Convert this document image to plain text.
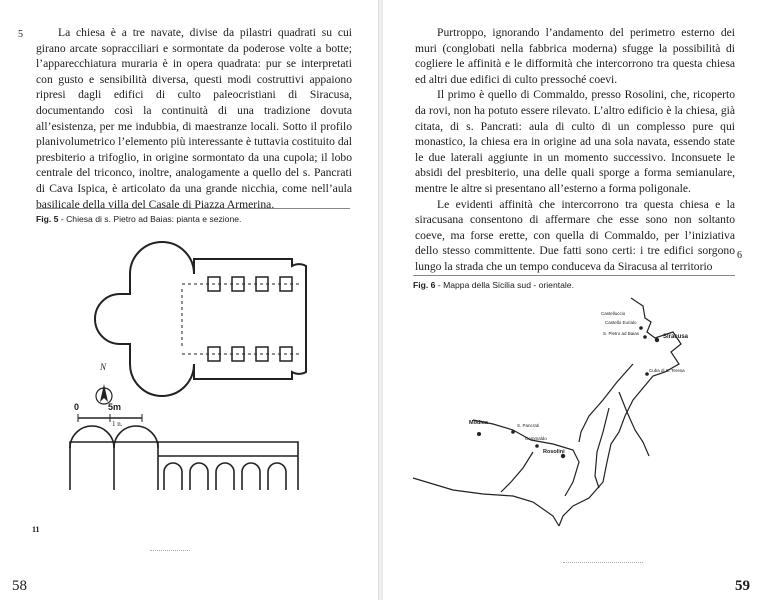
5	La chiesa è a tre navate, divise da pilastri quadrati su cui girano arcate sopracciliari e sormontate da poderose volte a botte; l’apparecchiatura muraria è in opera quadrata: pur se interpretati con gusto e sensibilità diversa, questi modi costruttivi appaiono ripresi dagli edifici di culto paleocristiani di Siracusa, documentando così la continuità di una tradizione dovuta all’esistenza, per me indubbia, di maestranze locali. Sotto il profilo planivolumetrico l’elemento più interessante è tuttavia costituito dal presbiterio a trifoglio, in origine sormontato da una cupola; il lobo centrale del triconco, inoltre, analogamente a quello del s. Pancrati di Cava Ispica, è articolato da una grande nicchia, come nell’aula basilicale della villa del Casale di Piazza Armerina.

Fig. 5 - Chiesa di s. Pietro ad Baias: pianta e sezione.
N
0	5m
1 n.
11
58

Purtroppo, ignorando l’andamento del perimetro esterno dei muri (conglobati nella fabbrica moderna) sfugge la possibilità di cogliere le affinità e le difformità che intercorrono tra questa chiesa ed altri due edifici di culto pressoché coevi.

Il primo è quello di Commaldo, presso Rosolini, che, ricoperto da rovi, non ha potuto essere rilevato. L’altro edificio è la chiesa, già citata, di s. Pancrati: aula di culto di un complesso pure qui monastico, la chiesa era in origine ad una sola navata, essendo state le due laterali aggiunte in un momento successivo. Inconsuete le absidi del presbiterio, una delle quali sporge a forma semianulare, mentre le altre si presentano all’esterno a forma poligonale.

Le evidenti affinità che intercorrono tra questa chiesa e la siracusana consentono di affermare che esse sono non soltanto coeve, ma forse erette, con quella di Commaldo, per l’iniziativa dello stesso committente. Due fatti sono certi: i tre edifici sorgono lungo la strada che un tempo conduceva da Siracusa al territorio

6
Fig. 6 - Mappa della Sicilia sud - orientale.
Castelluccio
Castello Eurialo
S. Pietro ad Baias
Siracusa
Cuba di S. Teresa
Modica	S. Pancrati
Commaldo
Rosolini
59
